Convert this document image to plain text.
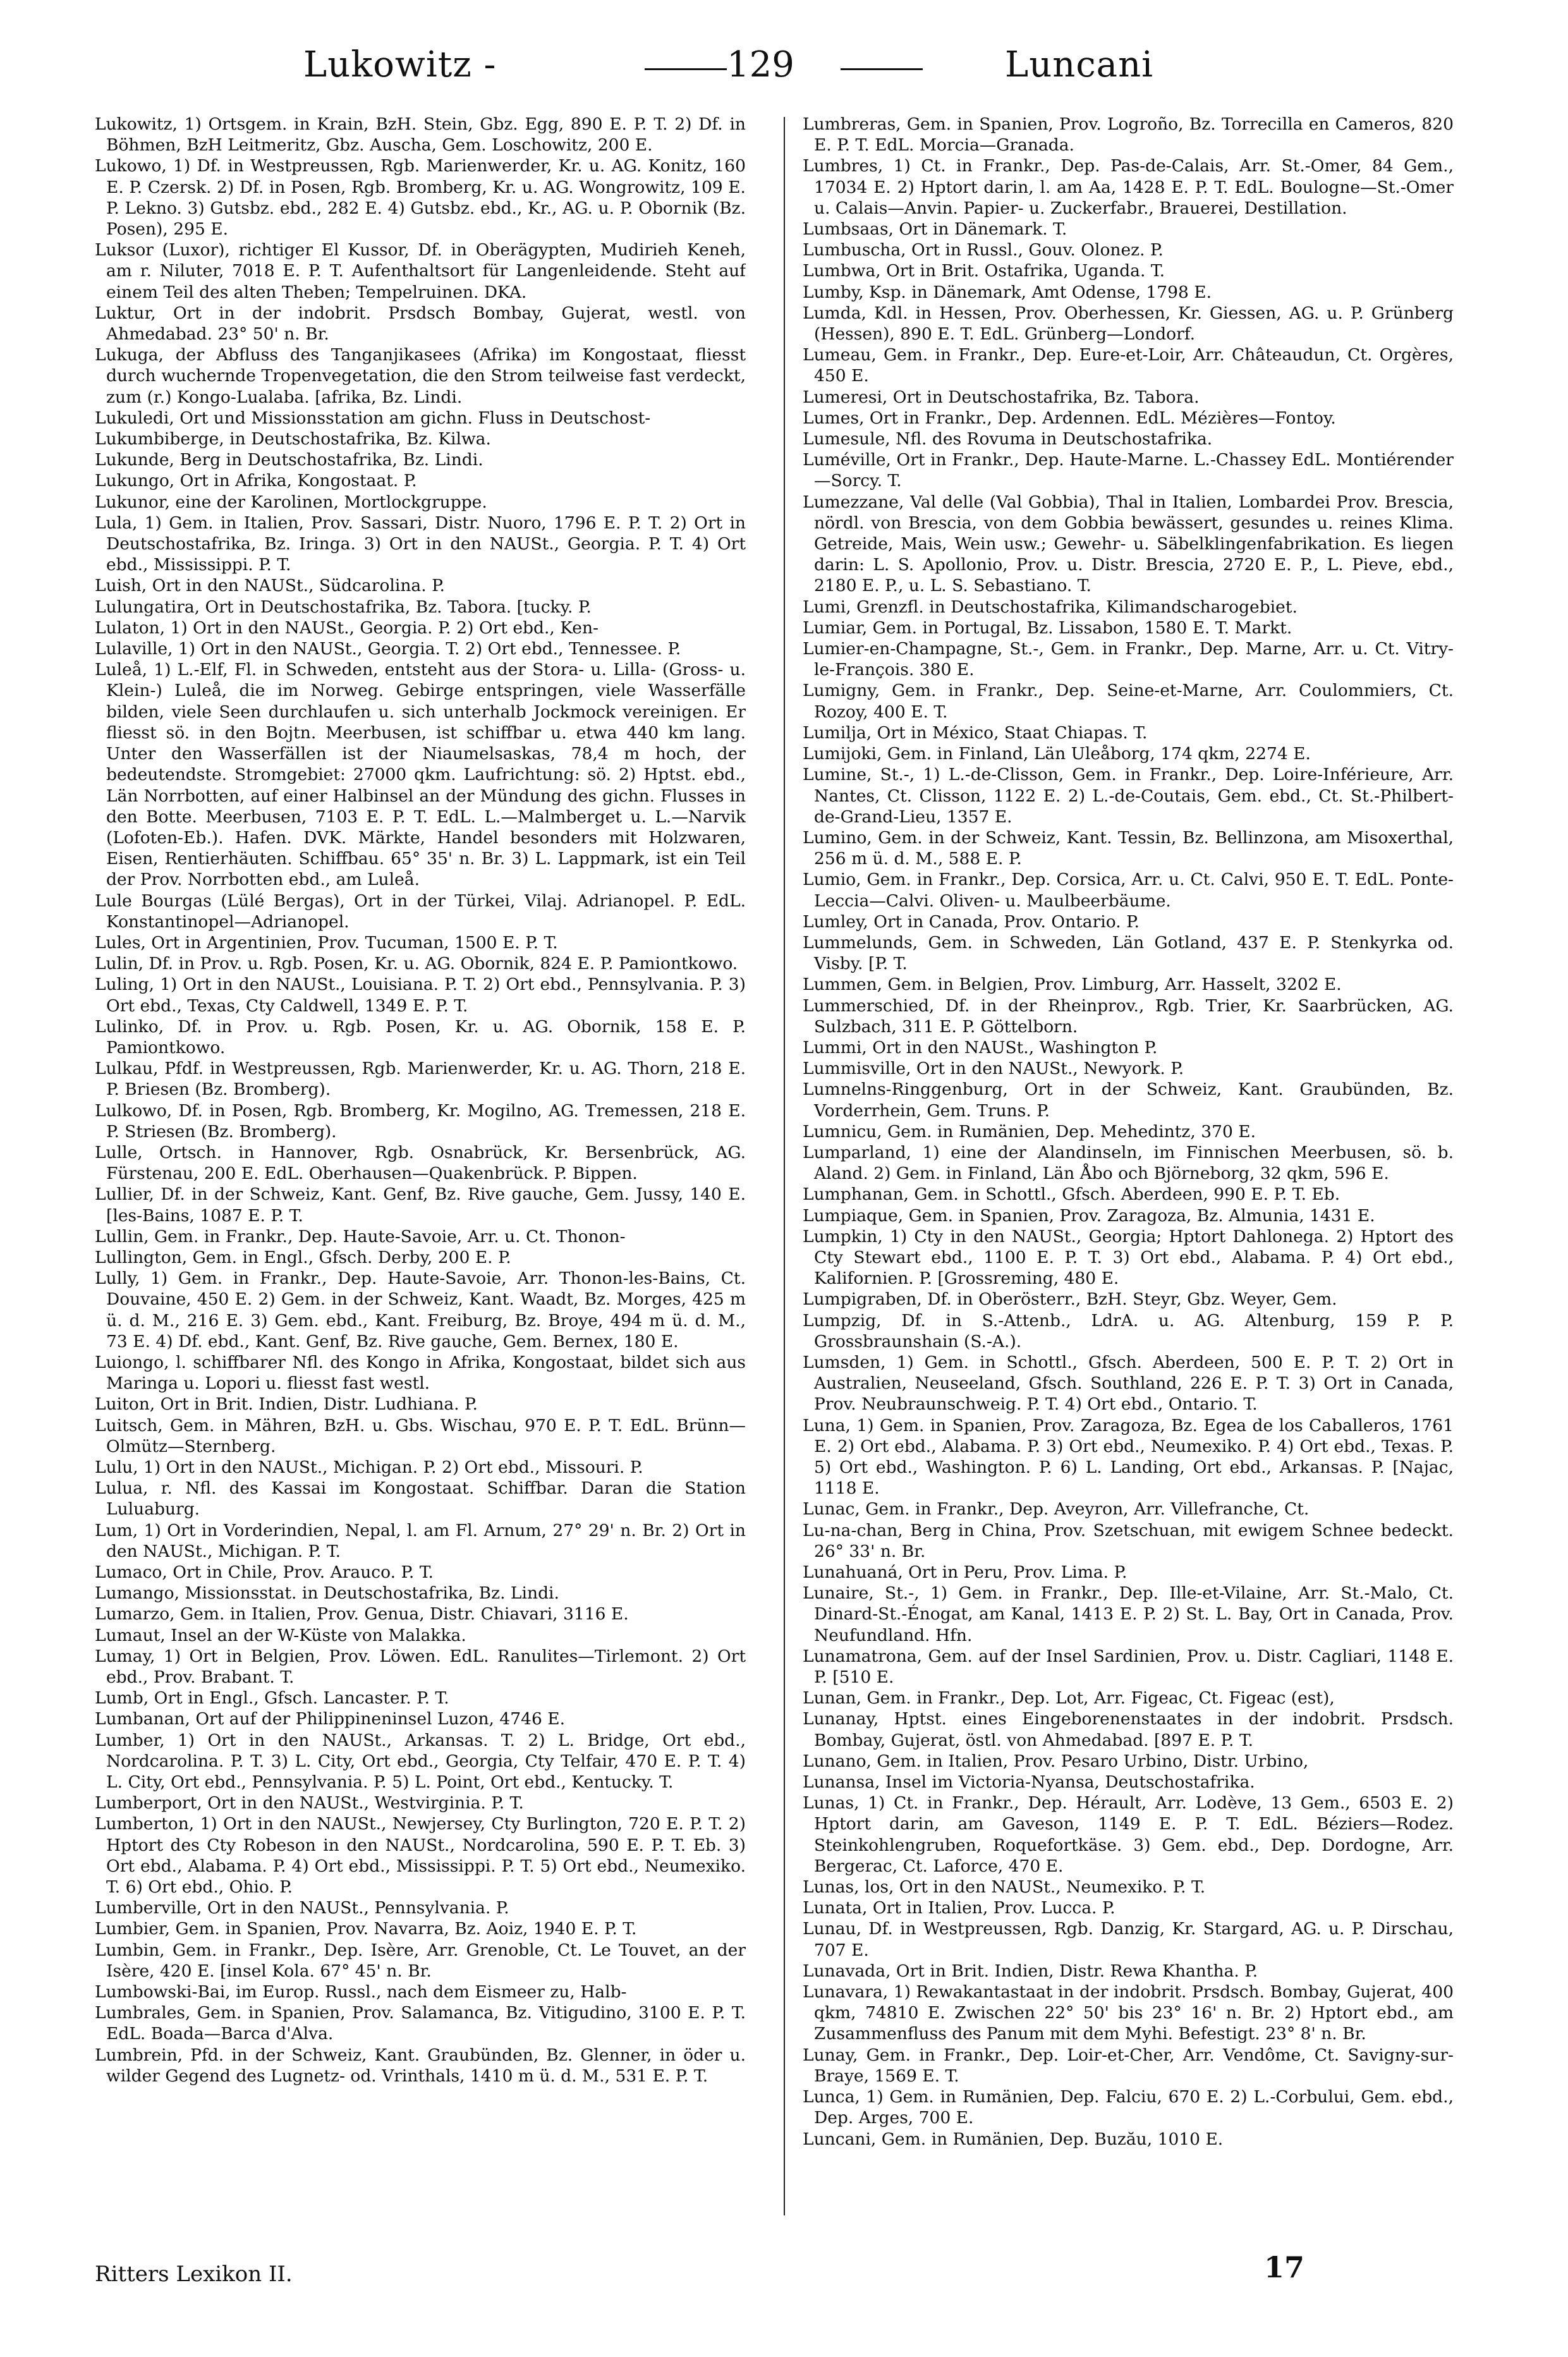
Lukowitz -	129	Luncani

Lukowitz, 1) Ortsgem. in Krain, BzH. Stein, Gbz. Egg, 890 E. P. T. 2) Df. in Böhmen, BzH Leitmeritz, Gbz. Auscha, Gem. Loschowitz, 200 E.

Lukowo, 1) Df. in Westpreussen, Rgb. Marienwerder, Kr. u. AG. Konitz, 160 E. P. Czersk. 2) Df. in Posen, Rgb. Bromberg, Kr. u. AG. Wongrowitz, 109 E. P. Lekno. 3) Gutsbz. ebd., 282 E. 4) Gutsbz. ebd., Kr., AG. u. P. Obornik (Bz. Posen), 295 E.

Luksor (Luxor), richtiger El Kussor, Df. in Oberägypten, Mudirieh Keneh, am r. Niluter, 7018 E. P. T. Aufenthaltsort für Langenleidende. Steht auf einem Teil des alten Theben; Tempelruinen. DKA.

Luktur, Ort in der indobrit. Prsdsch Bombay, Gujerat, westl. von Ahmedabad. 23° 50' n. Br.

Lukuga, der Abfluss des Tanganjikasees (Afrika) im Kongostaat, fliesst durch wuchernde Tropenvegetation, die den Strom teilweise fast verdeckt, zum (r.) Kongo-Lualaba. [afrika, Bz. Lindi.

Lukuledi, Ort und Missionsstation am gichn. Fluss in Deutschost-

Lukumbiberge, in Deutschostafrika, Bz. Kilwa.

Lukunde, Berg in Deutschostafrika, Bz. Lindi.

Lukungo, Ort in Afrika, Kongostaat. P.

Lukunor, eine der Karolinen, Mortlockgruppe.

Lula, 1) Gem. in Italien, Prov. Sassari, Distr. Nuoro, 1796 E. P. T. 2) Ort in Deutschostafrika, Bz. Iringa. 3) Ort in den NAUSt., Georgia. P. T. 4) Ort ebd., Mississippi. P. T.

Luish, Ort in den NAUSt., Südcarolina. P.

Lulungatira, Ort in Deutschostafrika, Bz. Tabora. [tucky. P.

Lulaton, 1) Ort in den NAUSt., Georgia. P. 2) Ort ebd., Ken-

Lulaville, 1) Ort in den NAUSt., Georgia. T. 2) Ort ebd., Tennessee. P.

Luleå, 1) L.-Elf, Fl. in Schweden, entsteht aus der Stora- u. Lilla- (Gross- u. Klein-) Luleå, die im Norweg. Gebirge entspringen, viele Wasserfälle bilden, viele Seen durchlaufen u. sich unterhalb Jockmock vereinigen. Er fliesst sö. in den Bojtn. Meerbusen, ist schiffbar u. etwa 440 km lang. Unter den Wasserfällen ist der Niaumelsaskas, 78,4 m hoch, der bedeutendste. Stromgebiet: 27000 qkm. Laufrichtung: sö. 2) Hptst. ebd., Län Norrbotten, auf einer Halbinsel an der Mündung des gichn. Flusses in den Botte. Meerbusen, 7103 E. P. T. EdL. L.—Malmberget u. L.—Narvik (Lofoten-Eb.). Hafen. DVK. Märkte, Handel besonders mit Holzwaren, Eisen, Rentierhäuten. Schiffbau. 65° 35' n. Br. 3) L. Lappmark, ist ein Teil der Prov. Norrbotten ebd., am Luleå.

Lule Bourgas (Lülé Bergas), Ort in der Türkei, Vilaj. Adrianopel. P. EdL. Konstantinopel—Adrianopel.

Lules, Ort in Argentinien, Prov. Tucuman, 1500 E. P. T.

Lulin, Df. in Prov. u. Rgb. Posen, Kr. u. AG. Obornik, 824 E. P. Pamiontkowo.

Luling, 1) Ort in den NAUSt., Louisiana. P. T. 2) Ort ebd., Pennsylvania. P. 3) Ort ebd., Texas, Cty Caldwell, 1349 E. P. T.

Lulinko, Df. in Prov. u. Rgb. Posen, Kr. u. AG. Obornik, 158 E. P. Pamiontkowo.

Lulkau, Pfdf. in Westpreussen, Rgb. Marienwerder, Kr. u. AG. Thorn, 218 E. P. Briesen (Bz. Bromberg).

Lulkowo, Df. in Posen, Rgb. Bromberg, Kr. Mogilno, AG. Tremessen, 218 E. P. Striesen (Bz. Bromberg).

Lulle, Ortsch. in Hannover, Rgb. Osnabrück, Kr. Bersenbrück, AG. Fürstenau, 200 E. EdL. Oberhausen—Quakenbrück. P. Bippen.

Lullier, Df. in der Schweiz, Kant. Genf, Bz. Rive gauche, Gem. Jussy, 140 E. [les-Bains, 1087 E. P. T.

Lullin, Gem. in Frankr., Dep. Haute-Savoie, Arr. u. Ct. Thonon-

Lullington, Gem. in Engl., Gfsch. Derby, 200 E. P.

Lully, 1) Gem. in Frankr., Dep. Haute-Savoie, Arr. Thonon-les-Bains, Ct. Douvaine, 450 E. 2) Gem. in der Schweiz, Kant. Waadt, Bz. Morges, 425 m ü. d. M., 216 E. 3) Gem. ebd., Kant. Freiburg, Bz. Broye, 494 m ü. d. M., 73 E. 4) Df. ebd., Kant. Genf, Bz. Rive gauche, Gem. Bernex, 180 E.

Luiongo, l. schiffbarer Nfl. des Kongo in Afrika, Kongostaat, bildet sich aus Maringa u. Lopori u. fliesst fast westl.

Luiton, Ort in Brit. Indien, Distr. Ludhiana. P.

Luitsch, Gem. in Mähren, BzH. u. Gbs. Wischau, 970 E. P. T. EdL. Brünn—Olmütz—Sternberg.

Lulu, 1) Ort in den NAUSt., Michigan. P. 2) Ort ebd., Missouri. P.

Lulua, r. Nfl. des Kassai im Kongostaat. Schiffbar. Daran die Station Luluaburg.

Lum, 1) Ort in Vorderindien, Nepal, l. am Fl. Arnum, 27° 29' n. Br. 2) Ort in den NAUSt., Michigan. P. T.

Lumaco, Ort in Chile, Prov. Arauco. P. T.

Lumango, Missionsstat. in Deutschostafrika, Bz. Lindi.

Lumarzo, Gem. in Italien, Prov. Genua, Distr. Chiavari, 3116 E.

Lumaut, Insel an der W-Küste von Malakka.

Lumay, 1) Ort in Belgien, Prov. Löwen. EdL. Ranulites—Tirlemont. 2) Ort ebd., Prov. Brabant. T.

Lumb, Ort in Engl., Gfsch. Lancaster. P. T.

Lumbanan, Ort auf der Philippineninsel Luzon, 4746 E.

Lumber, 1) Ort in den NAUSt., Arkansas. T. 2) L. Bridge, Ort ebd., Nordcarolina. P. T. 3) L. City, Ort ebd., Georgia, Cty Telfair, 470 E. P. T. 4) L. City, Ort ebd., Pennsylvania. P. 5) L. Point, Ort ebd., Kentucky. T.

Lumberport, Ort in den NAUSt., Westvirginia. P. T.

Lumberton, 1) Ort in den NAUSt., Newjersey, Cty Burlington, 720 E. P. T. 2) Hptort des Cty Robeson in den NAUSt., Nordcarolina, 590 E. P. T. Eb. 3) Ort ebd., Alabama. P. 4) Ort ebd., Mississippi. P. T. 5) Ort ebd., Neumexiko. T. 6) Ort ebd., Ohio. P.

Lumberville, Ort in den NAUSt., Pennsylvania. P.

Lumbier, Gem. in Spanien, Prov. Navarra, Bz. Aoiz, 1940 E. P. T.

Lumbin, Gem. in Frankr., Dep. Isère, Arr. Grenoble, Ct. Le Touvet, an der Isère, 420 E. [insel Kola. 67° 45' n. Br.

Lumbowski-Bai, im Europ. Russl., nach dem Eismeer zu, Halb-

Lumbrales, Gem. in Spanien, Prov. Salamanca, Bz. Vitigudino, 3100 E. P. T. EdL. Boada—Barca d'Alva.

Lumbrein, Pfd. in der Schweiz, Kant. Graubünden, Bz. Glenner, in öder u. wilder Gegend des Lugnetz- od. Vrinthals, 1410 m ü. d. M., 531 E. P. T.

Lumbreras, Gem. in Spanien, Prov. Logroño, Bz. Torrecilla en Cameros, 820 E. P. T. EdL. Morcia—Granada.

Lumbres, 1) Ct. in Frankr., Dep. Pas-de-Calais, Arr. St.-Omer, 84 Gem., 17034 E. 2) Hptort darin, l. am Aa, 1428 E. P. T. EdL. Boulogne—St.-Omer u. Calais—Anvin. Papier- u. Zuckerfabr., Brauerei, Destillation.

Lumbsaas, Ort in Dänemark. T.

Lumbuscha, Ort in Russl., Gouv. Olonez. P.

Lumbwa, Ort in Brit. Ostafrika, Uganda. T.

Lumby, Ksp. in Dänemark, Amt Odense, 1798 E.

Lumda, Kdl. in Hessen, Prov. Oberhessen, Kr. Giessen, AG. u. P. Grünberg (Hessen), 890 E. T. EdL. Grünberg—Londorf.

Lumeau, Gem. in Frankr., Dep. Eure-et-Loir, Arr. Châteaudun, Ct. Orgères, 450 E.

Lumeresi, Ort in Deutschostafrika, Bz. Tabora.

Lumes, Ort in Frankr., Dep. Ardennen. EdL. Mézières—Fontoy.

Lumesule, Nfl. des Rovuma in Deutschostafrika.

Luméville, Ort in Frankr., Dep. Haute-Marne. L.-Chassey EdL. Montiérender—Sorcy. T.

Lumezzane, Val delle (Val Gobbia), Thal in Italien, Lombardei Prov. Brescia, nördl. von Brescia, von dem Gobbia bewässert, gesundes u. reines Klima. Getreide, Mais, Wein usw.; Gewehr- u. Säbelklingenfabrikation. Es liegen darin: L. S. Apollonio, Prov. u. Distr. Brescia, 2720 E. P., L. Pieve, ebd., 2180 E. P., u. L. S. Sebastiano. T.

Lumi, Grenzfl. in Deutschostafrika, Kilimandscharogebiet.

Lumiar, Gem. in Portugal, Bz. Lissabon, 1580 E. T. Markt.

Lumier-en-Champagne, St.-, Gem. in Frankr., Dep. Marne, Arr. u. Ct. Vitry-le-François. 380 E.

Lumigny, Gem. in Frankr., Dep. Seine-et-Marne, Arr. Coulommiers, Ct. Rozoy, 400 E. T.

Lumilja, Ort in México, Staat Chiapas. T.

Lumijoki, Gem. in Finland, Län Uleåborg, 174 qkm, 2274 E.

Lumine, St.-, 1) L.-de-Clisson, Gem. in Frankr., Dep. Loire-Inférieure, Arr. Nantes, Ct. Clisson, 1122 E. 2) L.-de-Coutais, Gem. ebd., Ct. St.-Philbert-de-Grand-Lieu, 1357 E.

Lumino, Gem. in der Schweiz, Kant. Tessin, Bz. Bellinzona, am Misoxerthal, 256 m ü. d. M., 588 E. P.

Lumio, Gem. in Frankr., Dep. Corsica, Arr. u. Ct. Calvi, 950 E. T. EdL. Ponte-Leccia—Calvi. Oliven- u. Maulbeerbäume.

Lumley, Ort in Canada, Prov. Ontario. P.

Lummelunds, Gem. in Schweden, Län Gotland, 437 E. P. Stenkyrka od. Visby. [P. T.

Lummen, Gem. in Belgien, Prov. Limburg, Arr. Hasselt, 3202 E.

Lummerschied, Df. in der Rheinprov., Rgb. Trier, Kr. Saarbrücken, AG. Sulzbach, 311 E. P. Göttelborn.

Lummi, Ort in den NAUSt., Washington P.

Lummisville, Ort in den NAUSt., Newyork. P.

Lumnelns-Ringgenburg, Ort in der Schweiz, Kant. Graubünden, Bz. Vorderrhein, Gem. Truns. P.

Lumnicu, Gem. in Rumänien, Dep. Mehedintz, 370 E.

Lumparland, 1) eine der Alandinseln, im Finnischen Meerbusen, sö. b. Aland. 2) Gem. in Finland, Län Åbo och Björneborg, 32 qkm, 596 E.

Lumphanan, Gem. in Schottl., Gfsch. Aberdeen, 990 E. P. T. Eb.

Lumpiaque, Gem. in Spanien, Prov. Zaragoza, Bz. Almunia, 1431 E.

Lumpkin, 1) Cty in den NAUSt., Georgia; Hptort Dahlonega. 2) Hptort des Cty Stewart ebd., 1100 E. P. T. 3) Ort ebd., Alabama. P. 4) Ort ebd., Kalifornien. P. [Grossreming, 480 E.

Lumpigraben, Df. in Oberösterr., BzH. Steyr, Gbz. Weyer, Gem.

Lumpzig, Df. in S.-Attenb., LdrA. u. AG. Altenburg, 159 P. P. Grossbraunshain (S.-A.).

Lumsden, 1) Gem. in Schottl., Gfsch. Aberdeen, 500 E. P. T. 2) Ort in Australien, Neuseeland, Gfsch. Southland, 226 E. P. T. 3) Ort in Canada, Prov. Neubraunschweig. P. T. 4) Ort ebd., Ontario. T.

Luna, 1) Gem. in Spanien, Prov. Zaragoza, Bz. Egea de los Caballeros, 1761 E. 2) Ort ebd., Alabama. P. 3) Ort ebd., Neumexiko. P. 4) Ort ebd., Texas. P. 5) Ort ebd., Washington. P. 6) L. Landing, Ort ebd., Arkansas. P. [Najac, 1118 E.

Lunac, Gem. in Frankr., Dep. Aveyron, Arr. Villefranche, Ct.

Lu-na-chan, Berg in China, Prov. Szetschuan, mit ewigem Schnee bedeckt. 26° 33' n. Br.

Lunahuaná, Ort in Peru, Prov. Lima. P.

Lunaire, St.-, 1) Gem. in Frankr., Dep. Ille-et-Vilaine, Arr. St.-Malo, Ct. Dinard-St.-Énogat, am Kanal, 1413 E. P. 2) St. L. Bay, Ort in Canada, Prov. Neufundland. Hfn.

Lunamatrona, Gem. auf der Insel Sardinien, Prov. u. Distr. Cagliari, 1148 E. P. [510 E.

Lunan, Gem. in Frankr., Dep. Lot, Arr. Figeac, Ct. Figeac (est),

Lunanay, Hptst. eines Eingeborenenstaates in der indobrit. Prsdsch. Bombay, Gujerat, östl. von Ahmedabad. [897 E. P. T.

Lunano, Gem. in Italien, Prov. Pesaro Urbino, Distr. Urbino,

Lunansa, Insel im Victoria-Nyansa, Deutschostafrika.

Lunas, 1) Ct. in Frankr., Dep. Hérault, Arr. Lodève, 13 Gem., 6503 E. 2) Hptort darin, am Gaveson, 1149 E. P. T. EdL. Béziers—Rodez. Steinkohlengruben, Roquefortkäse. 3) Gem. ebd., Dep. Dordogne, Arr. Bergerac, Ct. Laforce, 470 E.

Lunas, los, Ort in den NAUSt., Neumexiko. P. T.

Lunata, Ort in Italien, Prov. Lucca. P.

Lunau, Df. in Westpreussen, Rgb. Danzig, Kr. Stargard, AG. u. P. Dirschau, 707 E.

Lunavada, Ort in Brit. Indien, Distr. Rewa Khantha. P.

Lunavara, 1) Rewakantastaat in der indobrit. Prsdsch. Bombay, Gujerat, 400 qkm, 74810 E. Zwischen 22° 50' bis 23° 16' n. Br. 2) Hptort ebd., am Zusammenfluss des Panum mit dem Myhi. Befestigt. 23° 8' n. Br.

Lunay, Gem. in Frankr., Dep. Loir-et-Cher, Arr. Vendôme, Ct. Savigny-sur-Braye, 1569 E. T.

Lunca, 1) Gem. in Rumänien, Dep. Falciu, 670 E. 2) L.-Corbului, Gem. ebd., Dep. Arges, 700 E.

Luncani, Gem. in Rumänien, Dep. Buzău, 1010 E.

Ritters Lexikon II.	17
